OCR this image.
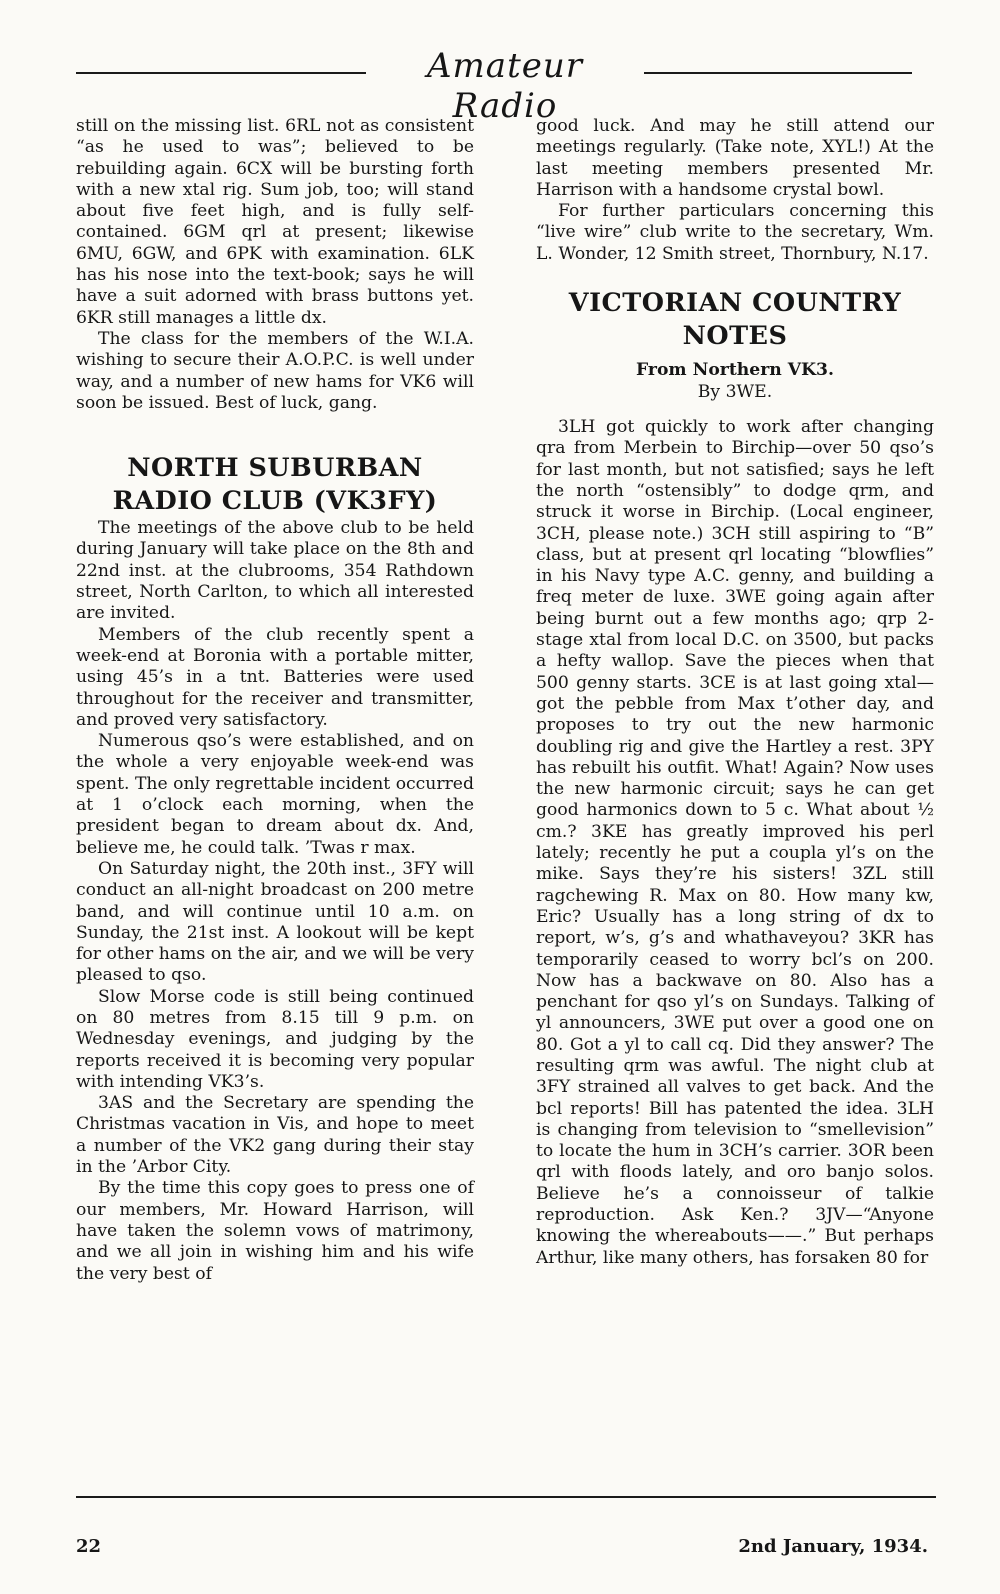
Amateur Radio

still on the missing list. 6RL not as consistent “as he used to was”; believed to be rebuilding again. 6CX will be bursting forth with a new xtal rig. Sum job, too; will stand about five feet high, and is fully self-contained. 6GM qrl at present; likewise 6MU, 6GW, and 6PK with examination. 6LK has his nose into the text-book; says he will have a suit adorned with brass buttons yet. 6KR still manages a little dx.

The class for the members of the W.I.A. wishing to secure their A.O.P.C. is well under way, and a number of new hams for VK6 will soon be issued. Best of luck, gang.

NORTH SUBURBAN
RADIO CLUB (VK3FY)

The meetings of the above club to be held during January will take place on the 8th and 22nd inst. at the clubrooms, 354 Rathdown street, North Carlton, to which all interested are invited.

Members of the club recently spent a week-end at Boronia with a portable mitter, using 45’s in a tnt. Batteries were used throughout for the receiver and transmitter, and proved very satisfactory.

Numerous qso’s were established, and on the whole a very enjoyable week-end was spent. The only regrettable incident occurred at 1 o’clock each morning, when the president began to dream about dx. And, believe me, he could talk. ’Twas r max.

On Saturday night, the 20th inst., 3FY will conduct an all-night broadcast on 200 metre band, and will continue until 10 a.m. on Sunday, the 21st inst. A lookout will be kept for other hams on the air, and we will be very pleased to qso.

Slow Morse code is still being continued on 80 metres from 8.15 till 9 p.m. on Wednesday evenings, and judging by the reports received it is becoming very popular with intending VK3’s.

3AS and the Secretary are spending the Christmas vacation in Vis, and hope to meet a number of the VK2 gang during their stay in the ’Arbor City.

By the time this copy goes to press one of our members, Mr. Howard Harrison, will have taken the solemn vows of matrimony, and we all join in wishing him and his wife the very best of

good luck. And may he still attend our meetings regularly. (Take note, XYL!) At the last meeting members presented Mr. Harrison with a handsome crystal bowl.

For further particulars concerning this “live wire” club write to the secretary, Wm. L. Wonder, 12 Smith street, Thornbury, N.17.

VICTORIAN COUNTRY
NOTES
From Northern VK3.
By 3WE.

3LH got quickly to work after changing qra from Merbein to Birchip—over 50 qso’s for last month, but not satisfied; says he left the north “ostensibly” to dodge qrm, and struck it worse in Birchip. (Local engineer, 3CH, please note.) 3CH still aspiring to “B” class, but at present qrl locating “blowflies” in his Navy type A.C. genny, and building a freq meter de luxe. 3WE going again after being burnt out a few months ago; qrp 2-stage xtal from local D.C. on 3500, but packs a hefty wallop. Save the pieces when that 500 genny starts. 3CE is at last going xtal—got the pebble from Max t’other day, and proposes to try out the new harmonic doubling rig and give the Hartley a rest. 3PY has rebuilt his outfit. What! Again? Now uses the new harmonic circuit; says he can get good harmonics down to 5 c. What about ½ cm.? 3KE has greatly improved his perl lately; recently he put a coupla yl’s on the mike. Says they’re his sisters! 3ZL still ragchewing R. Max on 80. How many kw, Eric? Usually has a long string of dx to report, w’s, g’s and whathaveyou? 3KR has temporarily ceased to worry bcl’s on 200. Now has a backwave on 80. Also has a penchant for qso yl’s on Sundays. Talking of yl announcers, 3WE put over a good one on 80. Got a yl to call cq. Did they answer? The resulting qrm was awful. The night club at 3FY strained all valves to get back. And the bcl reports! Bill has patented the idea. 3LH is changing from television to “smellevision” to locate the hum in 3CH’s carrier. 3OR been qrl with floods lately, and oro banjo solos. Believe he’s a connoisseur of talkie reproduction. Ask Ken.? 3JV—“Anyone knowing the whereabouts——.” But perhaps Arthur, like many others, has forsaken 80 for

22	2nd January, 1934.
